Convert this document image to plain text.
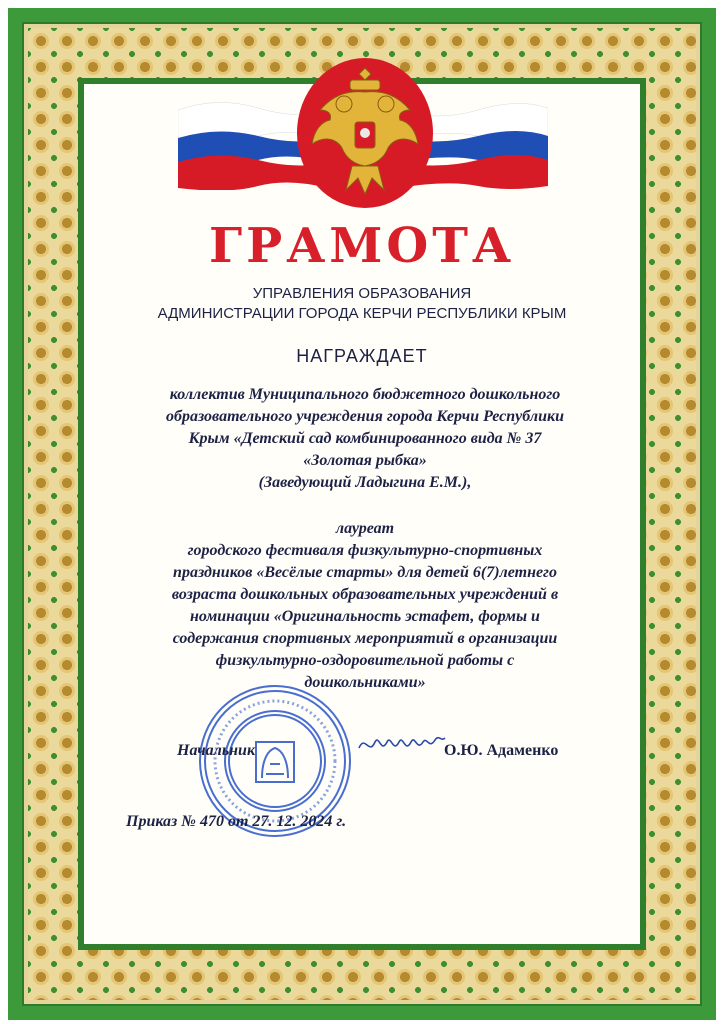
ГРАМОТА
УПРАВЛЕНИЯ ОБРАЗОВАНИЯ
АДМИНИСТРАЦИИ ГОРОДА КЕРЧИ РЕСПУБЛИКИ КРЫМ
НАГРАЖДАЕТ
коллектив Муниципального бюджетного дошкольного
образовательного учреждения города Керчи Республики
Крым «Детский сад комбинированного вида № 37
«Золотая рыбка»
(Заведующий Ладыгина Е.М.),
лауреат
городского фестиваля физкультурно-спортивных
праздников «Весёлые старты» для детей 6(7)летнего
возраста дошкольных образовательных учреждений в
номинации «Оригинальность эстафет, формы и
содержания спортивных мероприятий в организации
физкультурно-оздоровительной работы с
дошкольниками»
Начальник	О.Ю. Адаменко
Приказ № 470 от 27. 12. 2024 г.
